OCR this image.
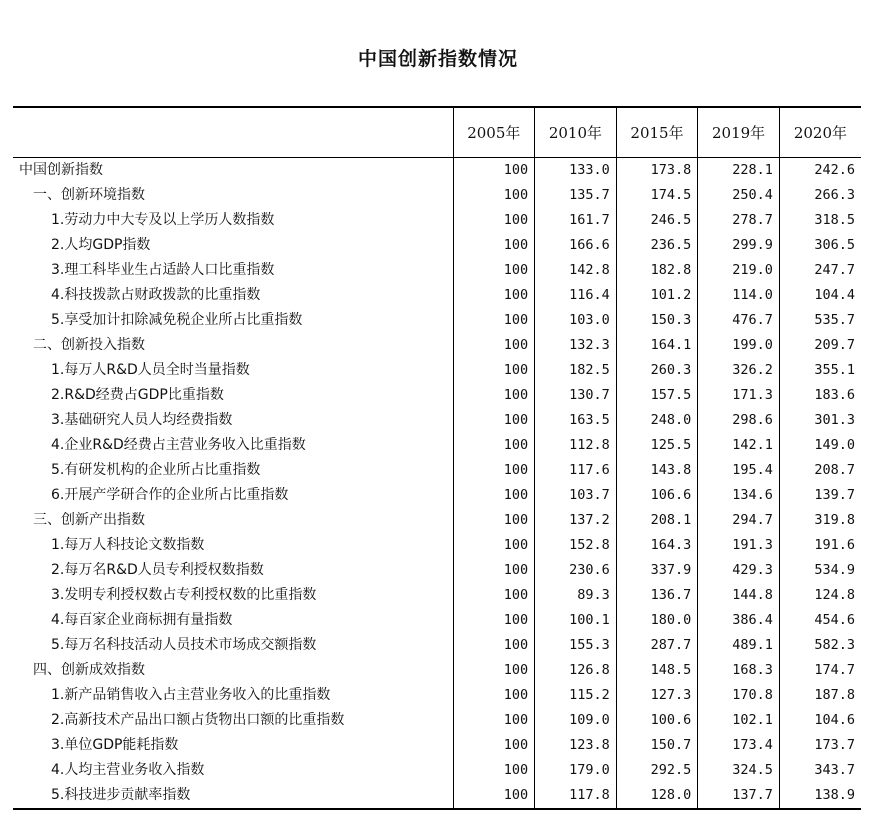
中国创新指数情况
	2005年	2010年	2015年	2019年	2020年
中国创新指数	100	133.0	173.8	228.1	242.6
一、创新环境指数	100	135.7	174.5	250.4	266.3
1.劳动力中大专及以上学历人数指数	100	161.7	246.5	278.7	318.5
2.人均GDP指数	100	166.6	236.5	299.9	306.5
3.理工科毕业生占适龄人口比重指数	100	142.8	182.8	219.0	247.7
4.科技拨款占财政拨款的比重指数	100	116.4	101.2	114.0	104.4
5.享受加计扣除减免税企业所占比重指数	100	103.0	150.3	476.7	535.7
二、创新投入指数	100	132.3	164.1	199.0	209.7
1.每万人R&D人员全时当量指数	100	182.5	260.3	326.2	355.1
2.R&D经费占GDP比重指数	100	130.7	157.5	171.3	183.6
3.基础研究人员人均经费指数	100	163.5	248.0	298.6	301.3
4.企业R&D经费占主营业务收入比重指数	100	112.8	125.5	142.1	149.0
5.有研发机构的企业所占比重指数	100	117.6	143.8	195.4	208.7
6.开展产学研合作的企业所占比重指数	100	103.7	106.6	134.6	139.7
三、创新产出指数	100	137.2	208.1	294.7	319.8
1.每万人科技论文数指数	100	152.8	164.3	191.3	191.6
2.每万名R&D人员专利授权数指数	100	230.6	337.9	429.3	534.9
3.发明专利授权数占专利授权数的比重指数	100	89.3	136.7	144.8	124.8
4.每百家企业商标拥有量指数	100	100.1	180.0	386.4	454.6
5.每万名科技活动人员技术市场成交额指数	100	155.3	287.7	489.1	582.3
四、创新成效指数	100	126.8	148.5	168.3	174.7
1.新产品销售收入占主营业务收入的比重指数	100	115.2	127.3	170.8	187.8
2.高新技术产品出口额占货物出口额的比重指数	100	109.0	100.6	102.1	104.6
3.单位GDP能耗指数	100	123.8	150.7	173.4	173.7
4.人均主营业务收入指数	100	179.0	292.5	324.5	343.7
5.科技进步贡献率指数	100	117.8	128.0	137.7	138.9
